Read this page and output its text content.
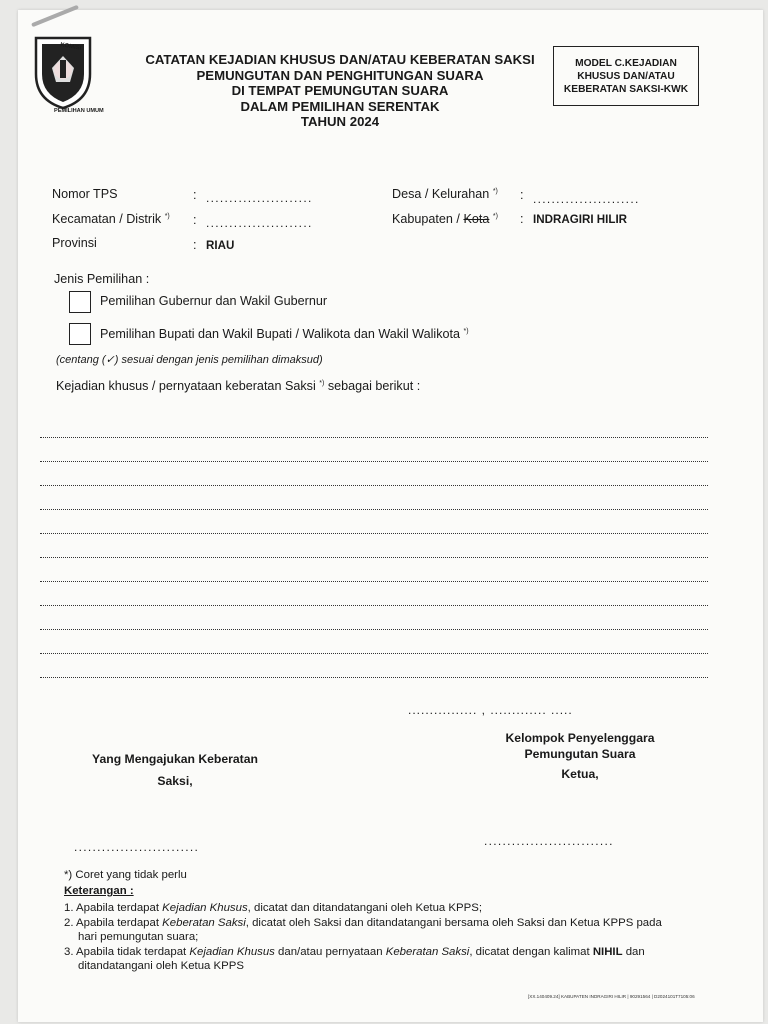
KOMISI
PEMILIHAN UMUM
CATATAN KEJADIAN KHUSUS DAN/ATAU KEBERATAN SAKSI
PEMUNGUTAN DAN PENGHITUNGAN SUARA
DI TEMPAT PEMUNGUTAN SUARA
DALAM PEMILIHAN SERENTAK
TAHUN 2024
MODEL C.KEJADIAN
KHUSUS DAN/ATAU
KEBERATAN SAKSI-KWK
Nomor TPS	: .......................
Kecamatan / Distrik *) : .......................
Provinsi	: RIAU
Desa / Kelurahan *) : .......................
Kabupaten / Kota *) : INDRAGIRI HILIR
Jenis Pemilihan :
Pemilihan Gubernur dan Wakil Gubernur
Pemilihan Bupati dan Wakil Bupati / Walikota dan Wakil Walikota *)
(centang (✓) sesuai dengan jenis pemilihan dimaksud)
Kejadian khusus / pernyataan keberatan Saksi *) sebagai berikut :
................ , ............. .....
Yang Mengajukan Keberatan
Saksi,
Kelompok Penyelenggara
Pemungutan Suara
Ketua,
...........................	............................
*) Coret yang tidak perlu
Keterangan :
1. Apabila terdapat Kejadian Khusus, dicatat dan ditandatangani oleh Ketua KPPS;
2. Apabila terdapat Keberatan Saksi, dicatat oleh Saksi dan ditandatangani bersama oleh Saksi dan Ketua KPPS pada
hari pemungutan suara;
3. Apabila tidak terdapat Kejadian Khusus dan/atau pernyataan Keberatan Saksi, dicatat dengan kalimat NIHIL dan
ditandatangani oleh Ketua KPPS
[XX.140409.24] KABUPATEN INDRAGIRI HILIR | 90291564 | D2024101T7105:06
